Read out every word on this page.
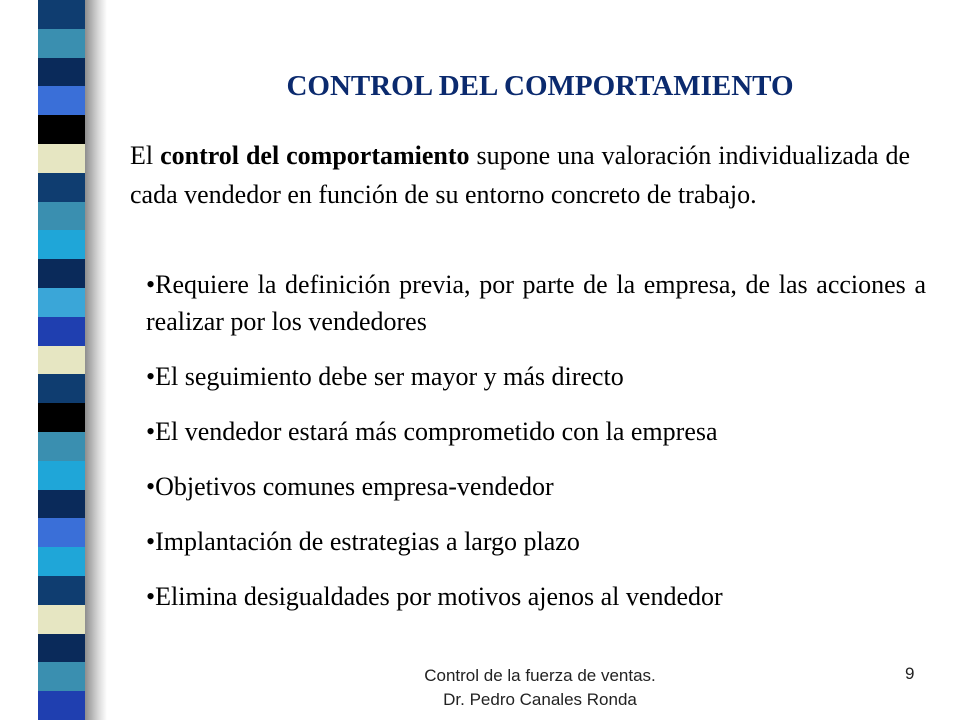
CONTROL DEL COMPORTAMIENTO

El control del comportamiento supone una valoración individualizada de cada vendedor en función de su entorno concreto de trabajo.

• Requiere la definición previa, por parte de la empresa, de las acciones a realizar por los vendedores
• El seguimiento debe ser mayor y más directo
• El vendedor estará más comprometido con la empresa
• Objetivos comunes empresa-vendedor
• Implantación de estrategias a largo plazo
• Elimina desigualdades por motivos ajenos al vendedor
Control de la fuerza de ventas.
Dr. Pedro Canales Ronda
9
